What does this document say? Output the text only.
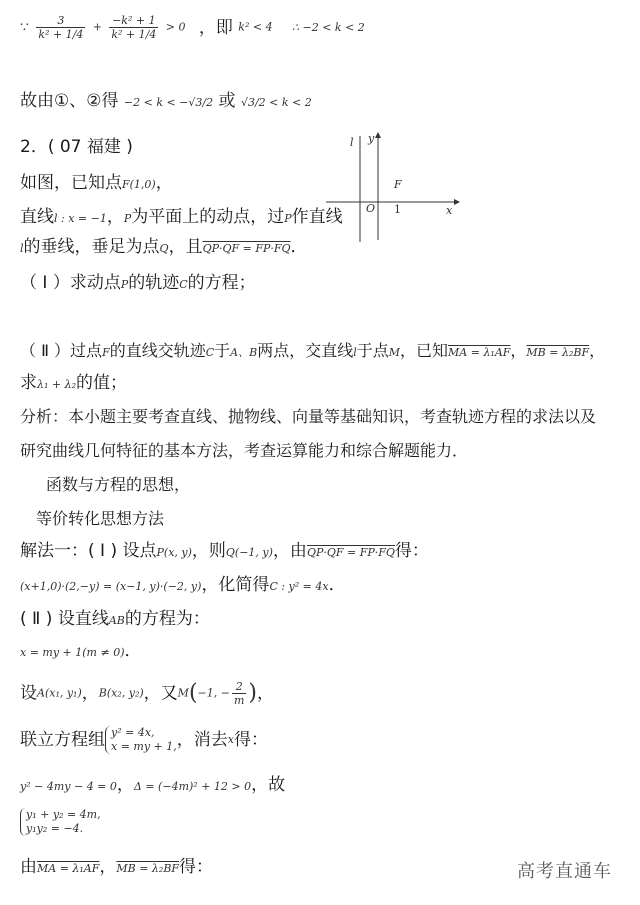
∵ $\frac{3}{\text{k² + 1/4}} + \frac{\text{−k² + 1}}{\text{k² + 1/4}} > 0$ ，即 k² < 4 ∴ −2 < k < 2
故由①、②得 −2 < k < −√3/2 或 √3/2 < k < 2
2．( 07 福建 )
如图，已知点F(1,0)，
直线l : x = −1，P为平面上的动点，过P作直线
l的垂线，垂足为点Q，且QP·QF = FP·FQ．
l y
F
O 1	x
（ Ⅰ ）求动点P的轨迹C的方程；
（ Ⅱ ）过点F的直线交轨迹C于A、B两点，交直线l于点M，已知MA = λ₁AF，MB = λ₂BF，
求λ₁ + λ₂的值；
分析：本小题主要考查直线、抛物线、向量等基础知识，考查轨迹方程的求法以及
研究曲线几何特征的基本方法，考查运算能力和综合解题能力．
函数与方程的思想，
等价转化思想方法
解法一：( Ⅰ ) 设点P(x, y)，则Q(−1, y)，由QP·QF = FP·FQ得：
(x+1,0)·(2,−y) = (x−1, y)·(−2, y)，化简得C : y² = 4x．
( Ⅱ ) 设直线AB的方程为：
x = my + 1(m ≠ 0)．
设A(x₁, y₁)，B(x₂, y₂)，又M(−1, − $\frac{2}{m}$ )，
联立方程组 y² = 4x,
x = my + 1, ，消去x得：
y² − 4my − 4 = 0，Δ = (−4m)² + 12 > 0，故
y₁ + y₂ = 4m,
y₁y₂ = −4.
由MA = λ₁AF，MB = λ₂BF得：	高考直通车
